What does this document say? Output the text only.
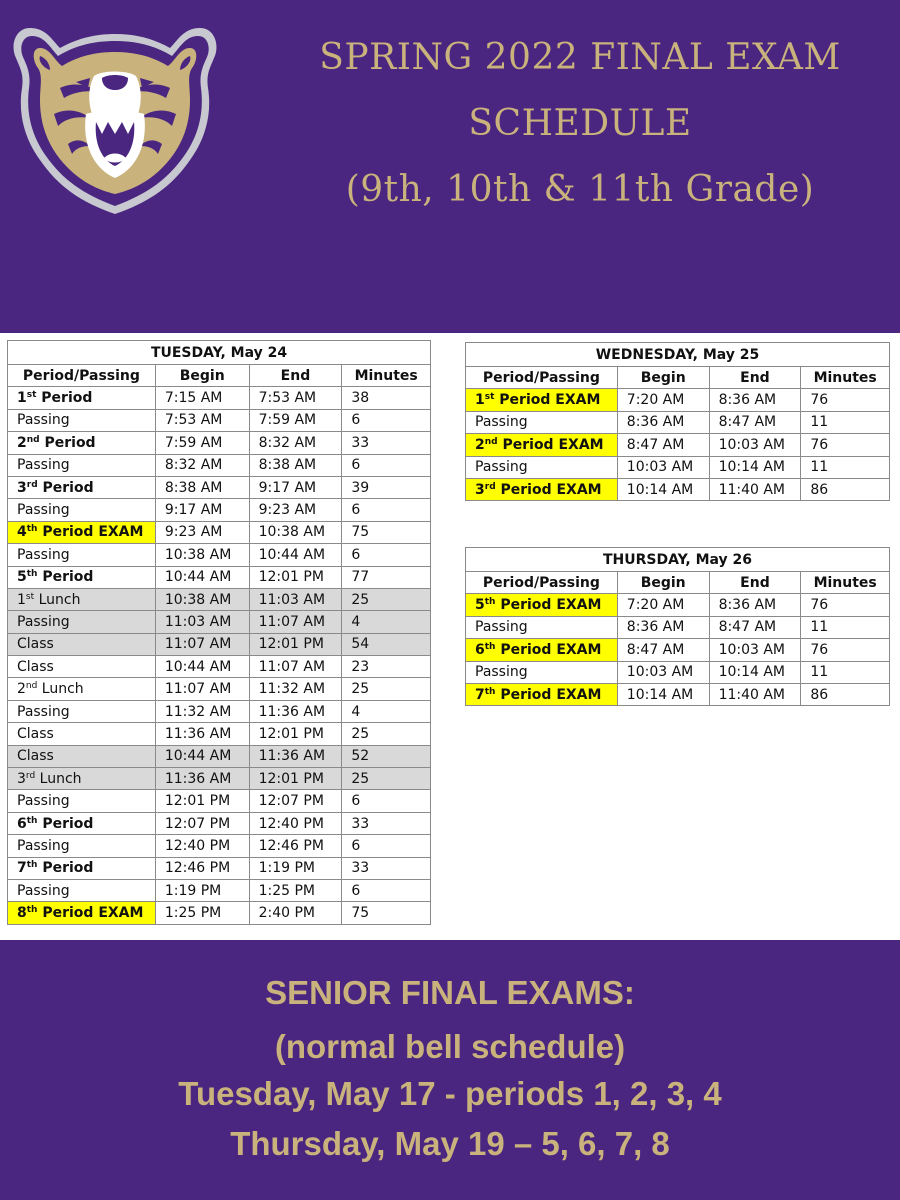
SPRING 2022 FINAL EXAM
SCHEDULE
(9th, 10th & 11th Grade)
TUESDAY, May 24			
Period/Passing	Begin	End	Minutes
1st Period	7:15 AM	7:53 AM	38
Passing	7:53 AM	7:59 AM	6
2nd Period	7:59 AM	8:32 AM	33
Passing	8:32 AM	8:38 AM	6
3rd Period	8:38 AM	9:17 AM	39
Passing	9:17 AM	9:23 AM	6
4th Period EXAM	9:23 AM	10:38 AM	75
Passing	10:38 AM	10:44 AM	6
5th Period	10:44 AM	12:01 PM	77
1st Lunch	10:38 AM	11:03 AM	25
Passing	11:03 AM	11:07 AM	4
Class	11:07 AM	12:01 PM	54
Class	10:44 AM	11:07 AM	23
2nd Lunch	11:07 AM	11:32 AM	25
Passing	11:32 AM	11:36 AM	4
Class	11:36 AM	12:01 PM	25
Class	10:44 AM	11:36 AM	52
3rd Lunch	11:36 AM	12:01 PM	25
Passing	12:01 PM	12:07 PM	6
6th Period	12:07 PM	12:40 PM	33
Passing	12:40 PM	12:46 PM	6
7th Period	12:46 PM	1:19 PM	33
Passing	1:19 PM	1:25 PM	6
8th Period EXAM	1:25 PM	2:40 PM	75
WEDNESDAY, May 25			
Period/Passing	Begin	End	Minutes
1st Period EXAM	7:20 AM	8:36 AM	76
Passing	8:36 AM	8:47 AM	11
2nd Period EXAM	8:47 AM	10:03 AM	76
Passing	10:03 AM	10:14 AM	11
3rd Period EXAM	10:14 AM	11:40 AM	86
THURSDAY, May 26			
Period/Passing	Begin	End	Minutes
5th Period EXAM	7:20 AM	8:36 AM	76
Passing	8:36 AM	8:47 AM	11
6th Period EXAM	8:47 AM	10:03 AM	76
Passing	10:03 AM	10:14 AM	11
7th Period EXAM	10:14 AM	11:40 AM	86
SENIOR FINAL EXAMS:
(normal bell schedule)
Tuesday, May 17 - periods 1, 2, 3, 4
Thursday, May 19 – 5, 6, 7, 8
